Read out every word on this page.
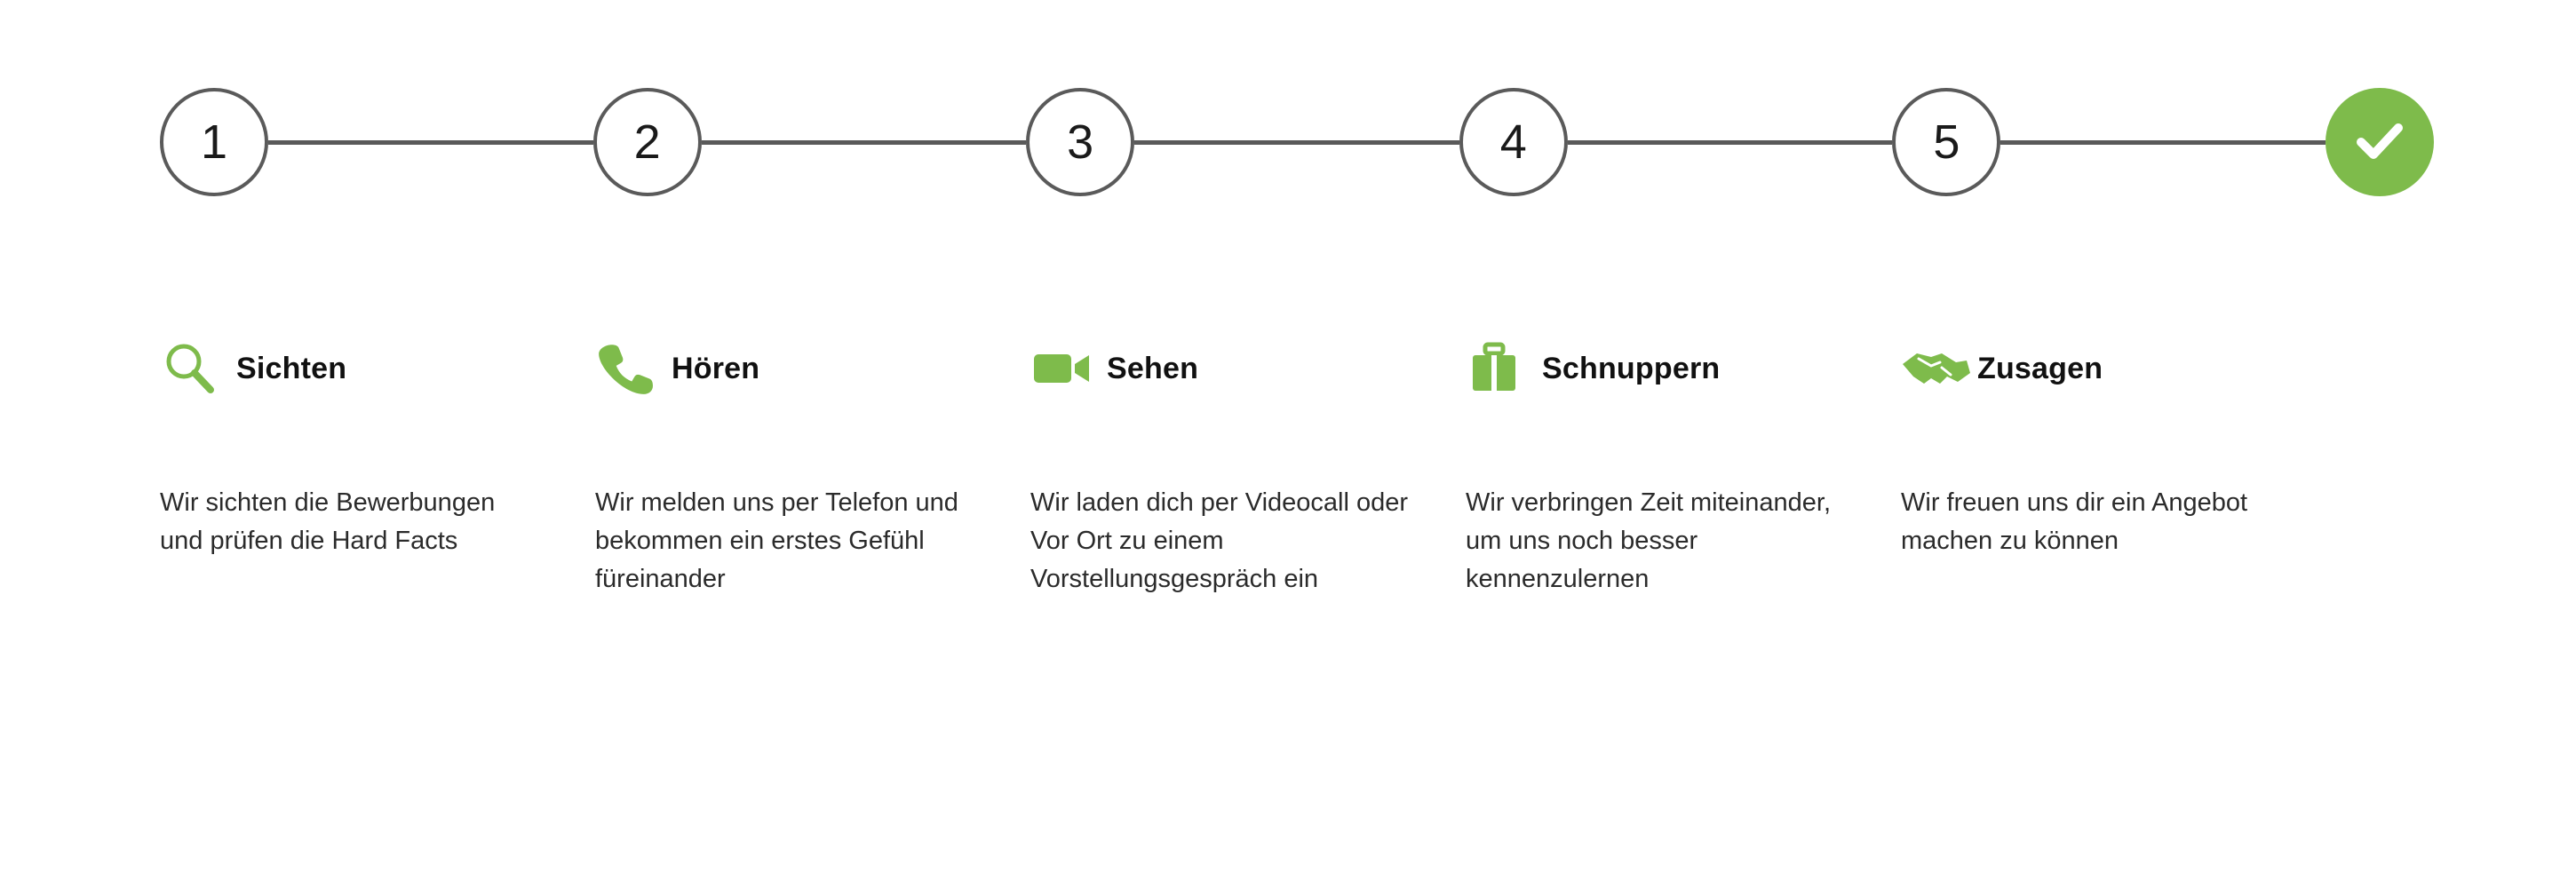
1	2	3	4	5
Sichten
Wir sichten die Bewerbungen und prüfen die Hard Facts
Hören
Wir melden uns per Telefon und bekommen ein erstes Gefühl füreinander
Sehen
Wir laden dich per Videocall oder Vor Ort zu einem Vorstellungsgespräch ein
Schnuppern
Wir verbringen Zeit miteinander, um uns noch besser kennenzulernen
Zusagen
Wir freuen uns dir ein Angebot machen zu können
